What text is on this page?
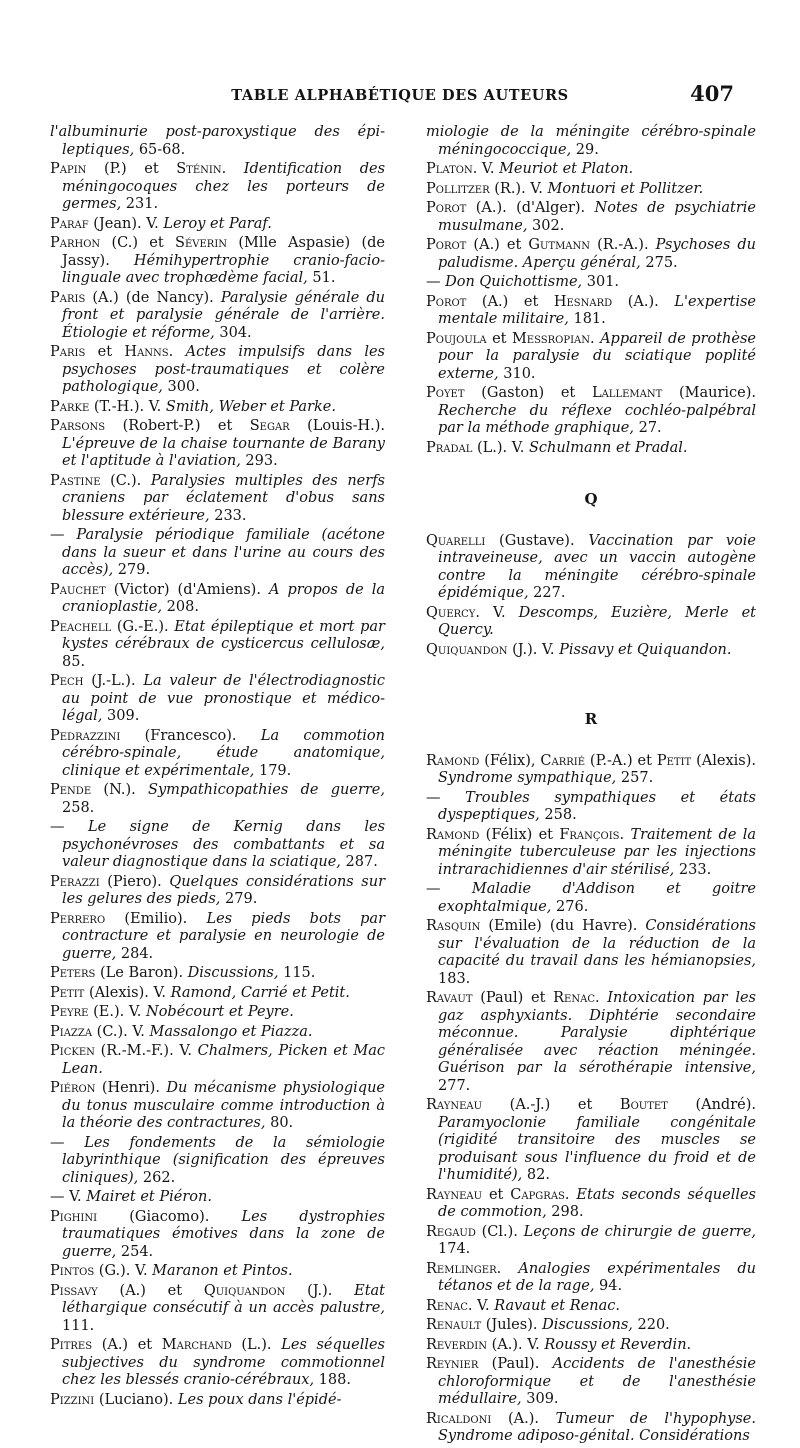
TABLE ALPHABÉTIQUE DES AUTEURS	407
l'albuminurie post-paroxystique des épi-leptiques, 65-68.
Papin (P.) et Sténin. Identification des méningocoques chez les porteurs de germes, 231.
Paraf (Jean). V. Leroy et Paraf.
Parhon (C.) et Séverin (Mlle Aspasie) (de Jassy). Hémihypertrophie cranio-facio-linguale avec trophœdème facial, 51.
Paris (A.) (de Nancy). Paralysie générale du front et paralysie générale de l'arrière. Étiologie et réforme, 304.
Paris et Hanns. Actes impulsifs dans les psychoses post-traumatiques et colère pathologique, 300.
Parke (T.-H.). V. Smith, Weber et Parke.
Parsons (Robert-P.) et Segar (Louis-H.). L'épreuve de la chaise tournante de Barany et l'aptitude à l'aviation, 293.
Pastine (C.). Paralysies multiples des nerfs craniens par éclatement d'obus sans blessure extérieure, 233.
— Paralysie périodique familiale (acétone dans la sueur et dans l'urine au cours des accès), 279.
Pauchet (Victor) (d'Amiens). A propos de la cranioplastie, 208.
Peachell (G.-E.). Etat épileptique et mort par kystes cérébraux de cysticercus cellulosæ, 85.
Pech (J.-L.). La valeur de l'électrodiagnostic au point de vue pronostique et médico-légal, 309.
Pedrazzini (Francesco). La commotion cérébro-spinale, étude anatomique, clinique et expérimentale, 179.
Pende (N.). Sympathicopathies de guerre, 258.
— Le signe de Kernig dans les psychonévroses des combattants et sa valeur diagnostique dans la sciatique, 287.
Perazzi (Piero). Quelques considérations sur les gelures des pieds, 279.
Perrero (Emilio). Les pieds bots par contracture et paralysie en neurologie de guerre, 284.
Peters (Le Baron). Discussions, 115.
Petit (Alexis). V. Ramond, Carrié et Petit.
Peyre (E.). V. Nobécourt et Peyre.
Piazza (C.). V. Massalongo et Piazza.
Picken (R.-M.-F.). V. Chalmers, Picken et Mac Lean.
Piéron (Henri). Du mécanisme physiologique du tonus musculaire comme introduction à la théorie des contractures, 80.
— Les fondements de la sémiologie labyrinthique (signification des épreuves cliniques), 262.
— V. Mairet et Piéron.
Pighini (Giacomo). Les dystrophies traumatiques émotives dans la zone de guerre, 254.
Pintos (G.). V. Maranon et Pintos.
Pissavy (A.) et Quiquandon (J.). Etat léthargique consécutif à un accès palustre, 111.
Pitres (A.) et Marchand (L.). Les séquelles subjectives du syndrome commotionnel chez les blessés cranio-cérébraux, 188.
Pizzini (Luciano). Les poux dans l'épidé-
miologie de la méningite cérébro-spinale méningococcique, 29.
Platon. V. Meuriot et Platon.
Pollitzer (R.). V. Montuori et Pollitzer.
Porot (A.). (d'Alger). Notes de psychiatrie musulmane, 302.
Porot (A.) et Gutmann (R.-A.). Psychoses du paludisme. Aperçu général, 275.
— Don Quichottisme, 301.
Porot (A.) et Hesnard (A.). L'expertise mentale militaire, 181.
Poujoula et Messropian. Appareil de prothèse pour la paralysie du sciatique poplité externe, 310.
Poyet (Gaston) et Lallemant (Maurice). Recherche du réflexe cochléo-palpébral par la méthode graphique, 27.
Pradal (L.). V. Schulmann et Pradal.
Q
Quarelli (Gustave). Vaccination par voie intraveineuse, avec un vaccin autogène contre la méningite cérébro-spinale épidémique, 227.
Quercy. V. Descomps, Euzière, Merle et Quercy.
Quiquandon (J.). V. Pissavy et Quiquandon.
R
Ramond (Félix), Carrié (P.-A.) et Petit (Alexis). Syndrome sympathique, 257.
— Troubles sympathiques et états dyspeptiques, 258.
Ramond (Félix) et François. Traitement de la méningite tuberculeuse par les injections intrarachidiennes d'air stérilisé, 233.
— Maladie d'Addison et goitre exophtalmique, 276.
Rasquin (Emile) (du Havre). Considérations sur l'évaluation de la réduction de la capacité du travail dans les hémianopsies, 183.
Ravaut (Paul) et Renac. Intoxication par les gaz asphyxiants. Diphtérie secondaire méconnue. Paralysie diphtérique généralisée avec réaction méningée. Guérison par la sérothérapie intensive, 277.
Rayneau (A.-J.) et Boutet (André). Paramyoclonie familiale congénitale (rigidité transitoire des muscles se produisant sous l'influence du froid et de l'humidité), 82.
Rayneau et Capgras. Etats seconds séquelles de commotion, 298.
Regaud (Cl.). Leçons de chirurgie de guerre, 174.
Remlinger. Analogies expérimentales du tétanos et de la rage, 94.
Renac. V. Ravaut et Renac.
Renault (Jules). Discussions, 220.
Reverdin (A.). V. Roussy et Reverdin.
Reynier (Paul). Accidents de l'anesthésie chloroformique et de l'anesthésie médullaire, 309.
Ricaldoni (A.). Tumeur de l'hypophyse. Syndrome adiposo-génital. Considérations
